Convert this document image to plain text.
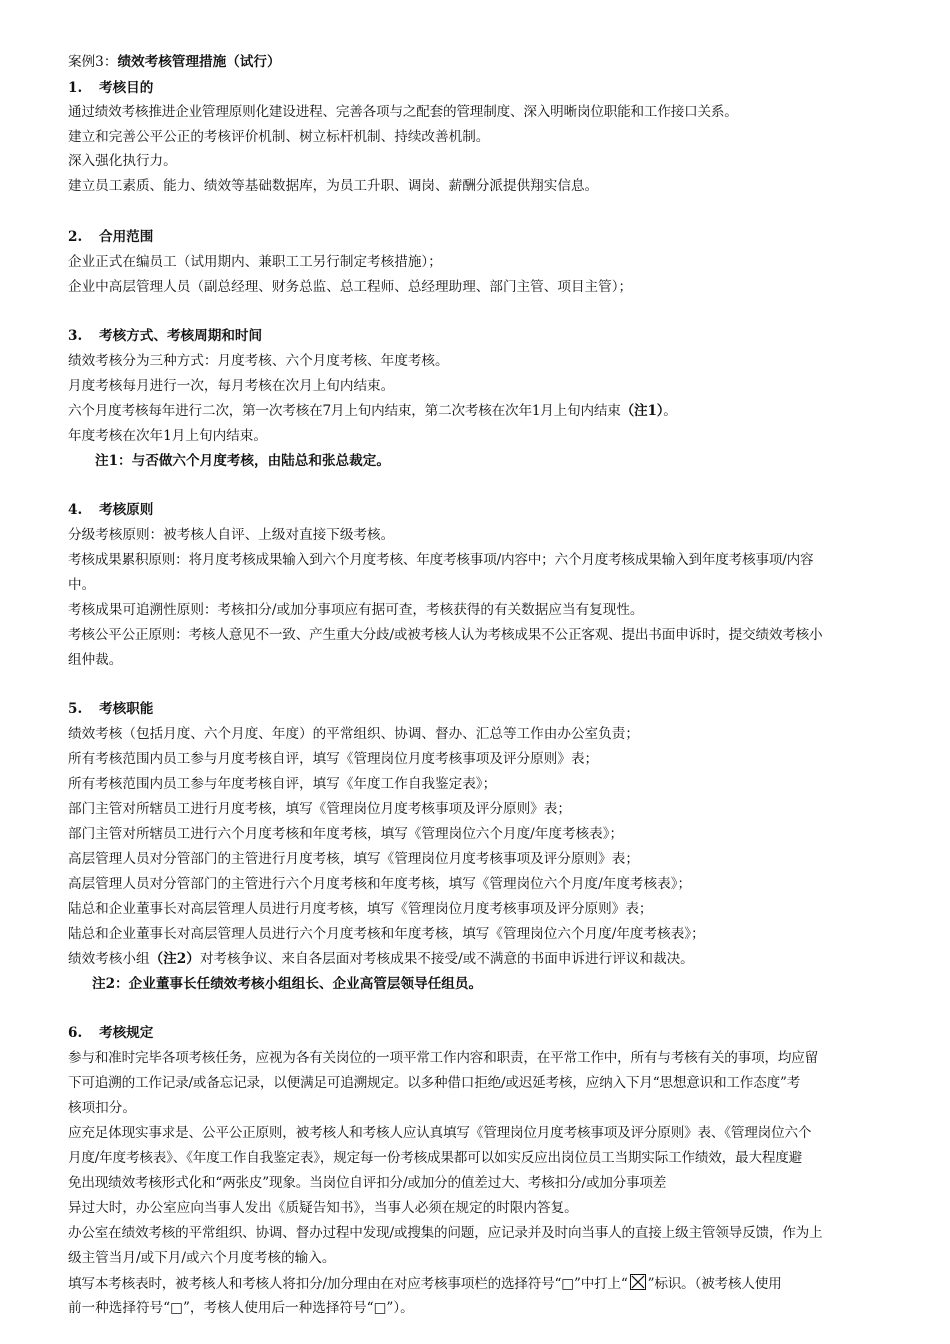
案例3：绩效考核管理措施（试行）
1. 考核目的
通过绩效考核推进企业管理原则化建设进程、完善各项与之配套的管理制度、深入明晰岗位职能和工作接口关系。
建立和完善公平公正的考核评价机制、树立标杆机制、持续改善机制。
深入强化执行力。
建立员工素质、能力、绩效等基础数据库，为员工升职、调岗、薪酬分派提供翔实信息。
2. 合用范围
企业正式在编员工（试用期内、兼职工工另行制定考核措施）；
企业中高层管理人员（副总经理、财务总监、总工程师、总经理助理、部门主管、项目主管）；
3. 考核方式、考核周期和时间
绩效考核分为三种方式：月度考核、六个月度考核、年度考核。
月度考核每月进行一次，每月考核在次月上旬内结束。
六个月度考核每年进行二次，第一次考核在7月上旬内结束，第二次考核在次年1月上旬内结束（注1）。
年度考核在次年1月上旬内结束。
注1：与否做六个月度考核，由陆总和张总裁定。
4. 考核原则
分级考核原则：被考核人自评、上级对直接下级考核。
考核成果累积原则：将月度考核成果输入到六个月度考核、年度考核事项/内容中；六个月度考核成果输入到年度考核事项/内容
中。
考核成果可追溯性原则：考核扣分/或加分事项应有据可查，考核获得的有关数据应当有复现性。
考核公平公正原则：考核人意见不一致、产生重大分歧/或被考核人认为考核成果不公正客观、提出书面申诉时，提交绩效考核小
组仲裁。
5. 考核职能
绩效考核（包括月度、六个月度、年度）的平常组织、协调、督办、汇总等工作由办公室负责；
所有考核范围内员工参与月度考核自评，填写《管理岗位月度考核事项及评分原则》表；
所有考核范围内员工参与年度考核自评，填写《年度工作自我鉴定表》；
部门主管对所辖员工进行月度考核，填写《管理岗位月度考核事项及评分原则》表；
部门主管对所辖员工进行六个月度考核和年度考核，填写《管理岗位六个月度/年度考核表》；
高层管理人员对分管部门的主管进行月度考核，填写《管理岗位月度考核事项及评分原则》表；
高层管理人员对分管部门的主管进行六个月度考核和年度考核，填写《管理岗位六个月度/年度考核表》；
陆总和企业董事长对高层管理人员进行月度考核，填写《管理岗位月度考核事项及评分原则》表；
陆总和企业董事长对高层管理人员进行六个月度考核和年度考核，填写《管理岗位六个月度/年度考核表》；
绩效考核小组（注2）对考核争议、来自各层面对考核成果不接受/或不满意的书面申诉进行评议和裁决。
注2：企业董事长任绩效考核小组组长、企业高管层领导任组员。
6. 考核规定
参与和准时完毕各项考核任务，应视为各有关岗位的一项平常工作内容和职责，在平常工作中，所有与考核有关的事项，均应留
下可追溯的工作记录/或备忘记录，以便满足可追溯规定。以多种借口拒绝/或迟延考核，应纳入下月“思想意识和工作态度”考
核项扣分。
应充足体现实事求是、公平公正原则，被考核人和考核人应认真填写《管理岗位月度考核事项及评分原则》表、《管理岗位六个
月度/年度考核表》、《年度工作自我鉴定表》，规定每一份考核成果都可以如实反应出岗位员工当期实际工作绩效，最大程度避
免出现绩效考核形式化和“两张皮”现象。当岗位自评扣分/或加分的值差过大、考核扣分/或加分事项差
异过大时，办公室应向当事人发出《质疑告知书》，当事人必须在规定的时限内答复。
办公室在绩效考核的平常组织、协调、督办过程中发现/或搜集的问题，应记录并及时向当事人的直接上级主管领导反馈，作为上
级主管当月/或下月/或六个月度考核的输入。
填写本考核表时，被考核人和考核人将扣分/加分理由在对应考核事项栏的选择符号“□”中打上“ ”标识。（被考核人使用
前一种选择符号“□”，考核人使用后一种选择符号“□”）。
